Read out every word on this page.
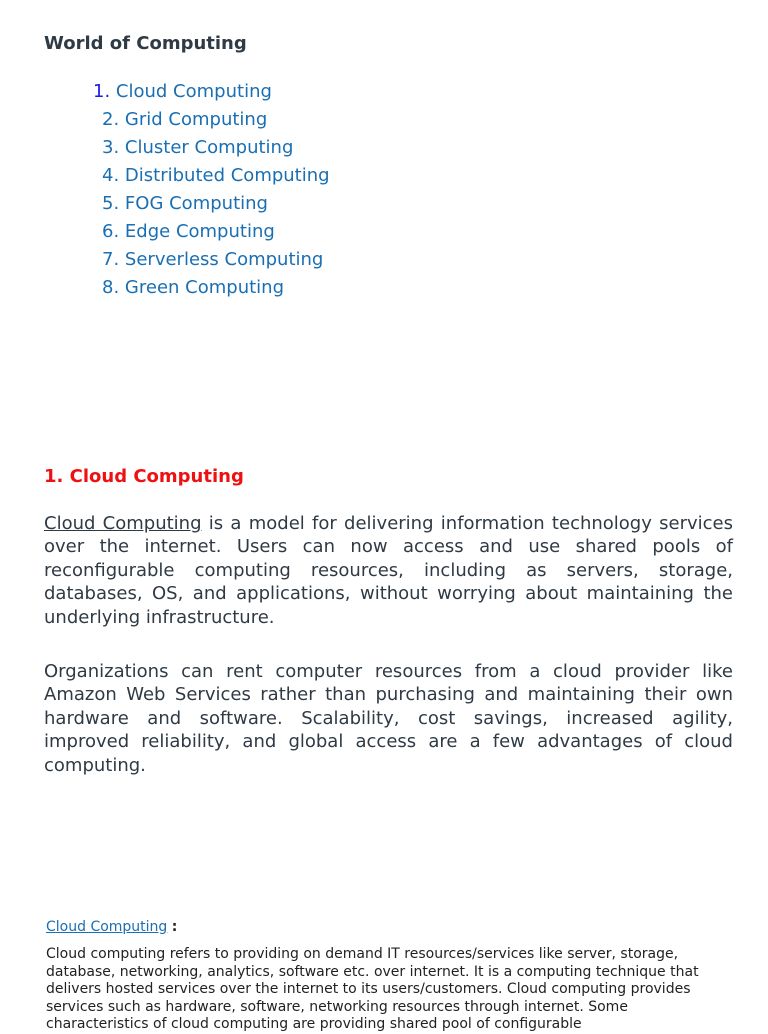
World of Computing
1. Cloud Computing
2. Grid Computing
3. Cluster Computing
4. Distributed Computing
5. FOG Computing
6. Edge Computing
7. Serverless Computing
8. Green Computing
1. Cloud Computing

Cloud Computing is a model for delivering information technology services over the internet. Users can now access and use shared pools of reconfigurable computing resources, including as servers, storage, databases, OS, and applications, without worrying about maintaining the underlying infrastructure.

Organizations can rent computer resources from a cloud provider like Amazon Web Services rather than purchasing and maintaining their own hardware and software. Scalability, cost savings, increased agility, improved reliability, and global access are a few advantages of cloud computing.

Cloud Computing :

Cloud computing refers to providing on demand IT resources/services like server, storage, database, networking, analytics, software etc. over internet. It is a computing technique that delivers hosted services over the internet to its users/customers. Cloud computing provides services such as hardware, software, networking resources through internet. Some characteristics of cloud computing are providing shared pool of configurable
